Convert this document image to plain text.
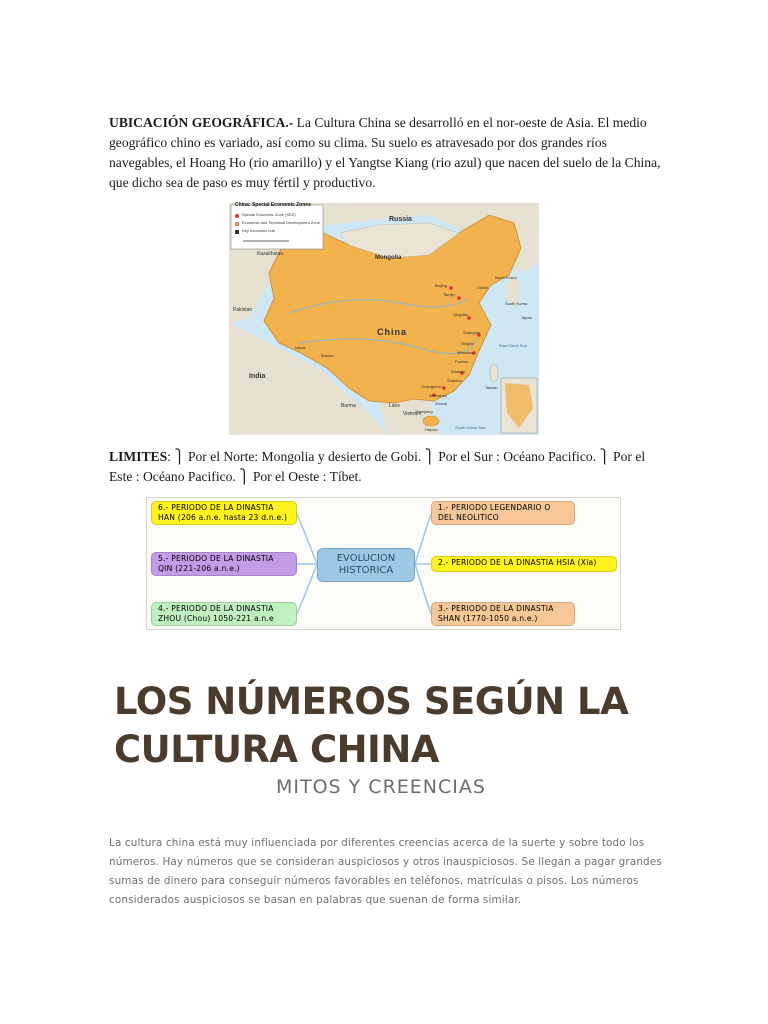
UBICACIÓN GEOGRÁFICA.- La Cultura China se desarrolló en el nor-oeste de Asia. El medio geográfico chino es variado, así como su clima. Su suelo es atravesado por dos grandes ríos navegables, el Hoang Ho (rio amarillo) y el Yangtse Kiang (rio azul) que nacen del suelo de la China, que dicho sea de paso es muy fértil y productivo.

China: Special Economic Zones
Special Economic Zone (SEZ)
Economic and Technical Development Zone
Key economic hub
Russia
Mongolia
China
India
Kazakhstan
Pakistan
Nepal
Bhutan
Burma	Laos
Vietnam
North Korea
South Korea
Japan
East China Sea
South China Sea
Taiwan
Hainan
Beijing
Tianjin
Dalian
Qingdao
Shanghai
Ningbo
Wenzhou
Fuzhou
Xiamen
Shantou
Shenzhen
Zhuhai
Guangzhou
Zhanjiang

LIMITES: ⎫ Por el Norte: Mongolia y desierto de Gobi. ⎫ Por el Sur : Océano Pacifico. ⎫ Por el Este : Océano Pacifico. ⎫ Por el Oeste : Tíbet.

EVOLUCION
HISTORICA
6.- PERIODO DE LA DINASTIA
HAN (206 a.n.e. hasta 23 d.n.e.)
5.- PERIODO DE LA DINASTIA
QIN (221-206 a.n.e.)
4.- PERIODO DE LA DINASTIA
ZHOU (Chou) 1050-221 a.n.e
1.- PERIODO LEGENDARIO O
DEL NEOLITICO
2.- PERIODO DE LA DINASTIA HSIA (Xia)
3.- PERIODO DE LA DINASTIA
SHAN (1770-1050 a.n.e.)
LOS NÚMEROS SEGÚN LA
CULTURA CHINA
MITOS Y CREENCIAS

La cultura china está muy influenciada por diferentes creencias acerca de la suerte y sobre todo los números. Hay números que se consideran auspiciosos y otros inauspiciosos. Se llegan a pagar grandes sumas de dinero para conseguir números favorables en teléfonos, matrículas o pisos. Los números considerados auspiciosos se basan en palabras que suenan de forma similar.
